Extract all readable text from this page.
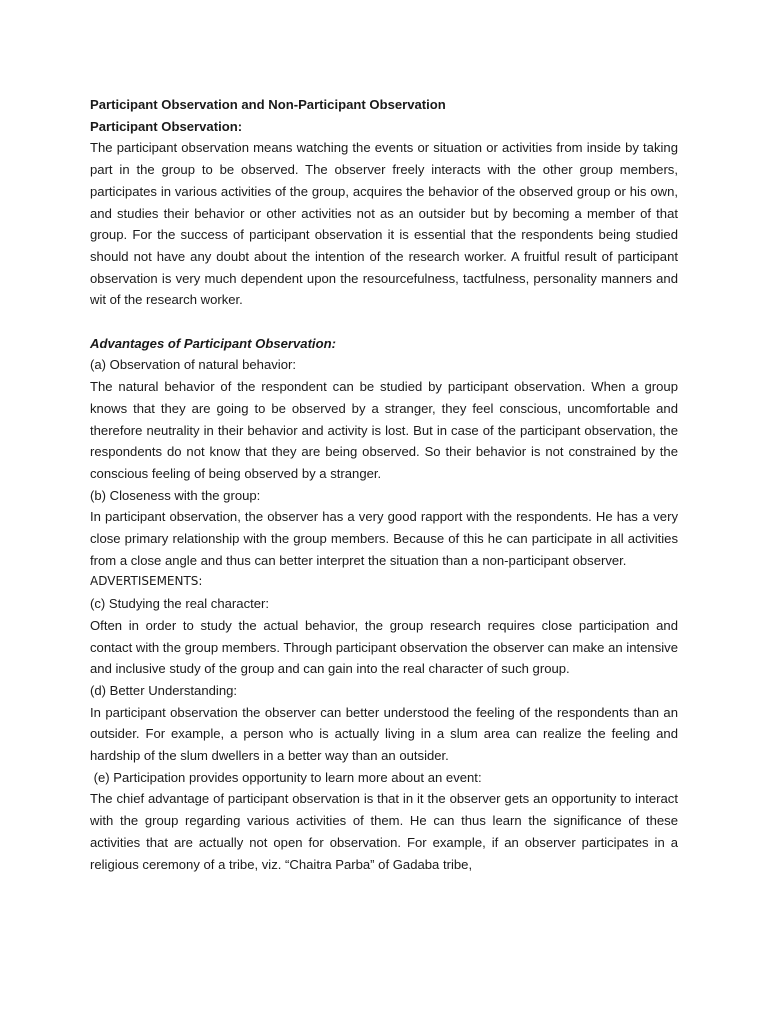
Participant Observation and Non-Participant Observation
Participant Observation:

The participant observation means watching the events or situation or activities from inside by taking part in the group to be observed. The observer freely interacts with the other group members, participates in various activities of the group, acquires the behavior of the observed group or his own, and studies their behavior or other activities not as an outsider but by becoming a member of that group. For the success of participant observation it is essential that the respondents being studied should not have any doubt about the intention of the research worker. A fruitful result of participant observation is very much dependent upon the resourcefulness, tactfulness, personality manners and wit of the research worker.

Advantages of Participant Observation:
(a) Observation of natural behavior:

The natural behavior of the respondent can be studied by participant observation. When a group knows that they are going to be observed by a stranger, they feel conscious, uncomfortable and therefore neutrality in their behavior and activity is lost. But in case of the participant observation, the respondents do not know that they are being observed. So their behavior is not constrained by the conscious feeling of being observed by a stranger.

(b) Closeness with the group:

In participant observation, the observer has a very good rapport with the respondents. He has a very close primary relationship with the group members. Because of this he can participate in all activities from a close angle and thus can better interpret the situation than a non-participant observer.

ADVERTISEMENTS:
(c) Studying the real character:

Often in order to study the actual behavior, the group research requires close participation and contact with the group members. Through participant observation the observer can make an intensive and inclusive study of the group and can gain into the real character of such group.

(d) Better Understanding:

In participant observation the observer can better understood the feeling of the respondents than an outsider. For example, a person who is actually living in a slum area can realize the feeling and hardship of the slum dwellers in a better way than an outsider.

(e) Participation provides opportunity to learn more about an event:

The chief advantage of participant observation is that in it the observer gets an opportunity to interact with the group regarding various activities of them. He can thus learn the significance of these activities that are actually not open for observation. For example, if an observer participates in a religious ceremony of a tribe, viz. “Chaitra Parba” of Gadaba tribe,
